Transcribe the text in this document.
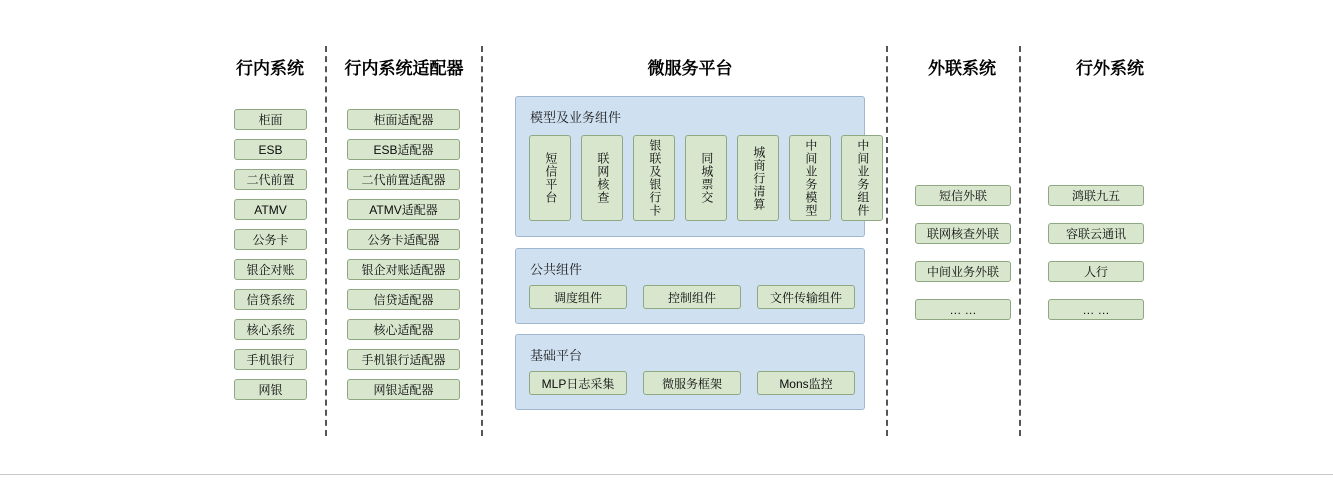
行内系统	行内系统适配器	微服务平台	外联系统	行外系统
柜面
ESB
二代前置
ATMV
公务卡
银企对账
信贷系统
核心系统
手机银行
网银
柜面适配器
ESB适配器
二代前置适配器
ATMV适配器
公务卡适配器
银企对账适配器
信贷适配器
核心适配器
手机银行适配器
网银适配器
模型及业务组件
短信平台	联网核查	银联及银行卡	同城票交	城商行清算	中间业务模型	中间业务组件
公共组件
调度组件	控制组件	文件传输组件
基础平台
MLP日志采集	微服务框架	Mons监控
短信外联
联网核查外联
中间业务外联
… …
鸿联九五
容联云通讯
人行
… …
